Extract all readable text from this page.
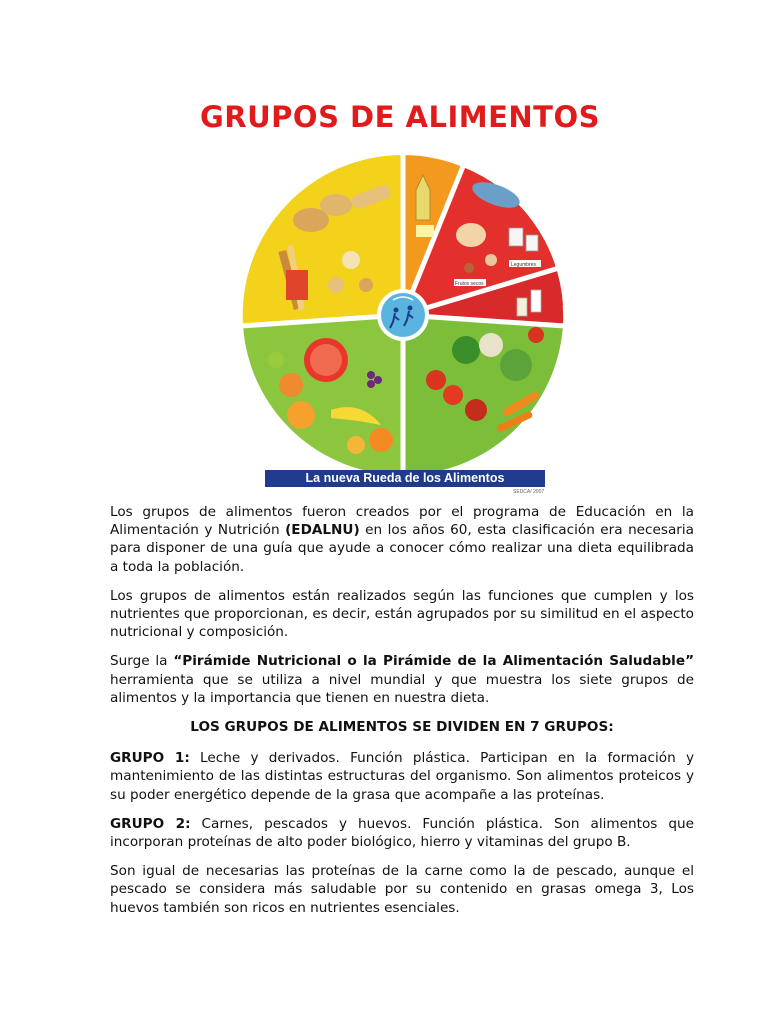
GRUPOS DE ALIMENTOS
Legumbres
Frutos secos
La nueva Rueda de los Alimentos
SEDCA/ 2007

Los grupos de alimentos fueron creados por el programa de Educación en la Alimentación y Nutrición (EDALNU) en los años 60, esta clasificación era necesaria para disponer de una guía que ayude a conocer cómo realizar una dieta equilibrada a toda la población.

Los grupos de alimentos están realizados según las funciones que cumplen y los nutrientes que proporcionan, es decir, están agrupados por su similitud en el aspecto nutricional y composición.

Surge la “Pirámide Nutricional o la Pirámide de la Alimentación Saludable” herramienta que se utiliza a nivel mundial y que muestra los siete grupos de alimentos y la importancia que tienen en nuestra dieta.

LOS GRUPOS DE ALIMENTOS SE DIVIDEN EN 7 GRUPOS:

GRUPO 1: Leche y derivados. Función plástica. Participan en la formación y mantenimiento de las distintas estructuras del organismo. Son alimentos proteicos y su poder energético depende de la grasa que acompañe a las proteínas.

GRUPO 2: Carnes, pescados y huevos. Función plástica. Son alimentos que incorporan proteínas de alto poder biológico, hierro y vitaminas del grupo B.

Son igual de necesarias las proteínas de la carne como la de pescado, aunque el pescado se considera más saludable por su contenido en grasas omega 3, Los huevos también son ricos en nutrientes esenciales.
